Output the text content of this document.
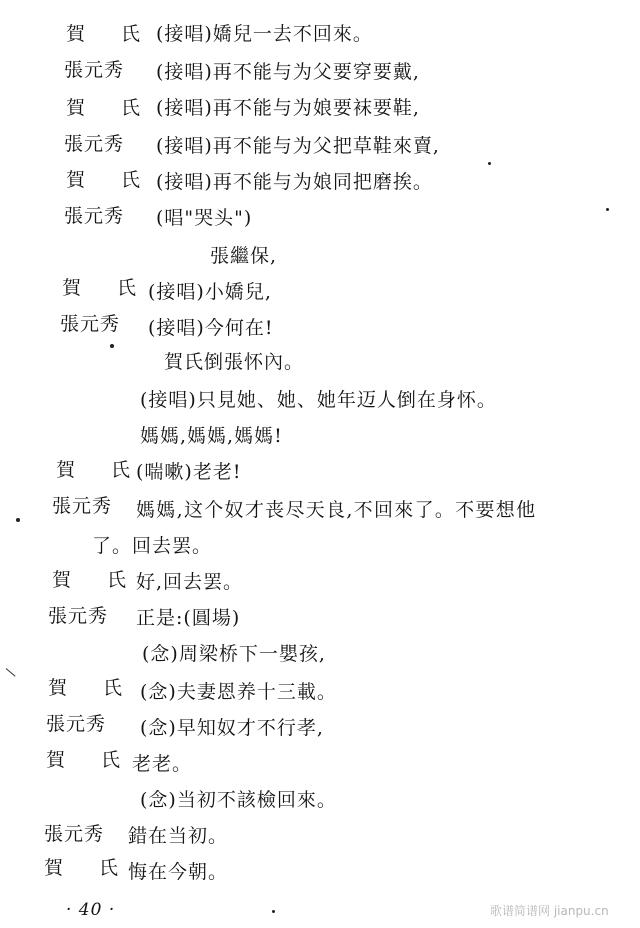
賀 氏 (接唱)嬌兒一去不回來。
張元秀 (接唱)再不能与为父要穿要戴,
賀 氏 (接唱)再不能与为娘要袜要鞋,
張元秀 (接唱)再不能与为父把草鞋來賣,
賀 氏 (接唱)再不能与为娘同把磨挨。
張元秀 (唱"哭头")
張繼保,
賀 氏
(接唱)小嬌兒,
張元秀 (接唱)今何在!
賀氏倒張怀內。
(接唱)只見她、她、她年迈人倒在身怀。
媽媽,媽媽,媽媽!
賀 氏
(喘嗽)老老!
張元秀 媽媽,这个奴才丧尽天良,不回來了。不要想他
了。回去罢。
賀 氏
好,回去罢。
張元秀 正是:(圓場)
(念)周梁桥下一嬰孩,
賀 氏 (念)夫妻恩养十三載。
張元秀 (念)早知奴才不行孝,
賀 氏
老老。
(念)当初不該檢回來。
張元秀 錯在当初。
賀 氏
悔在今朝。
· 40 ·	歌谱简谱网 jianpu.cn
